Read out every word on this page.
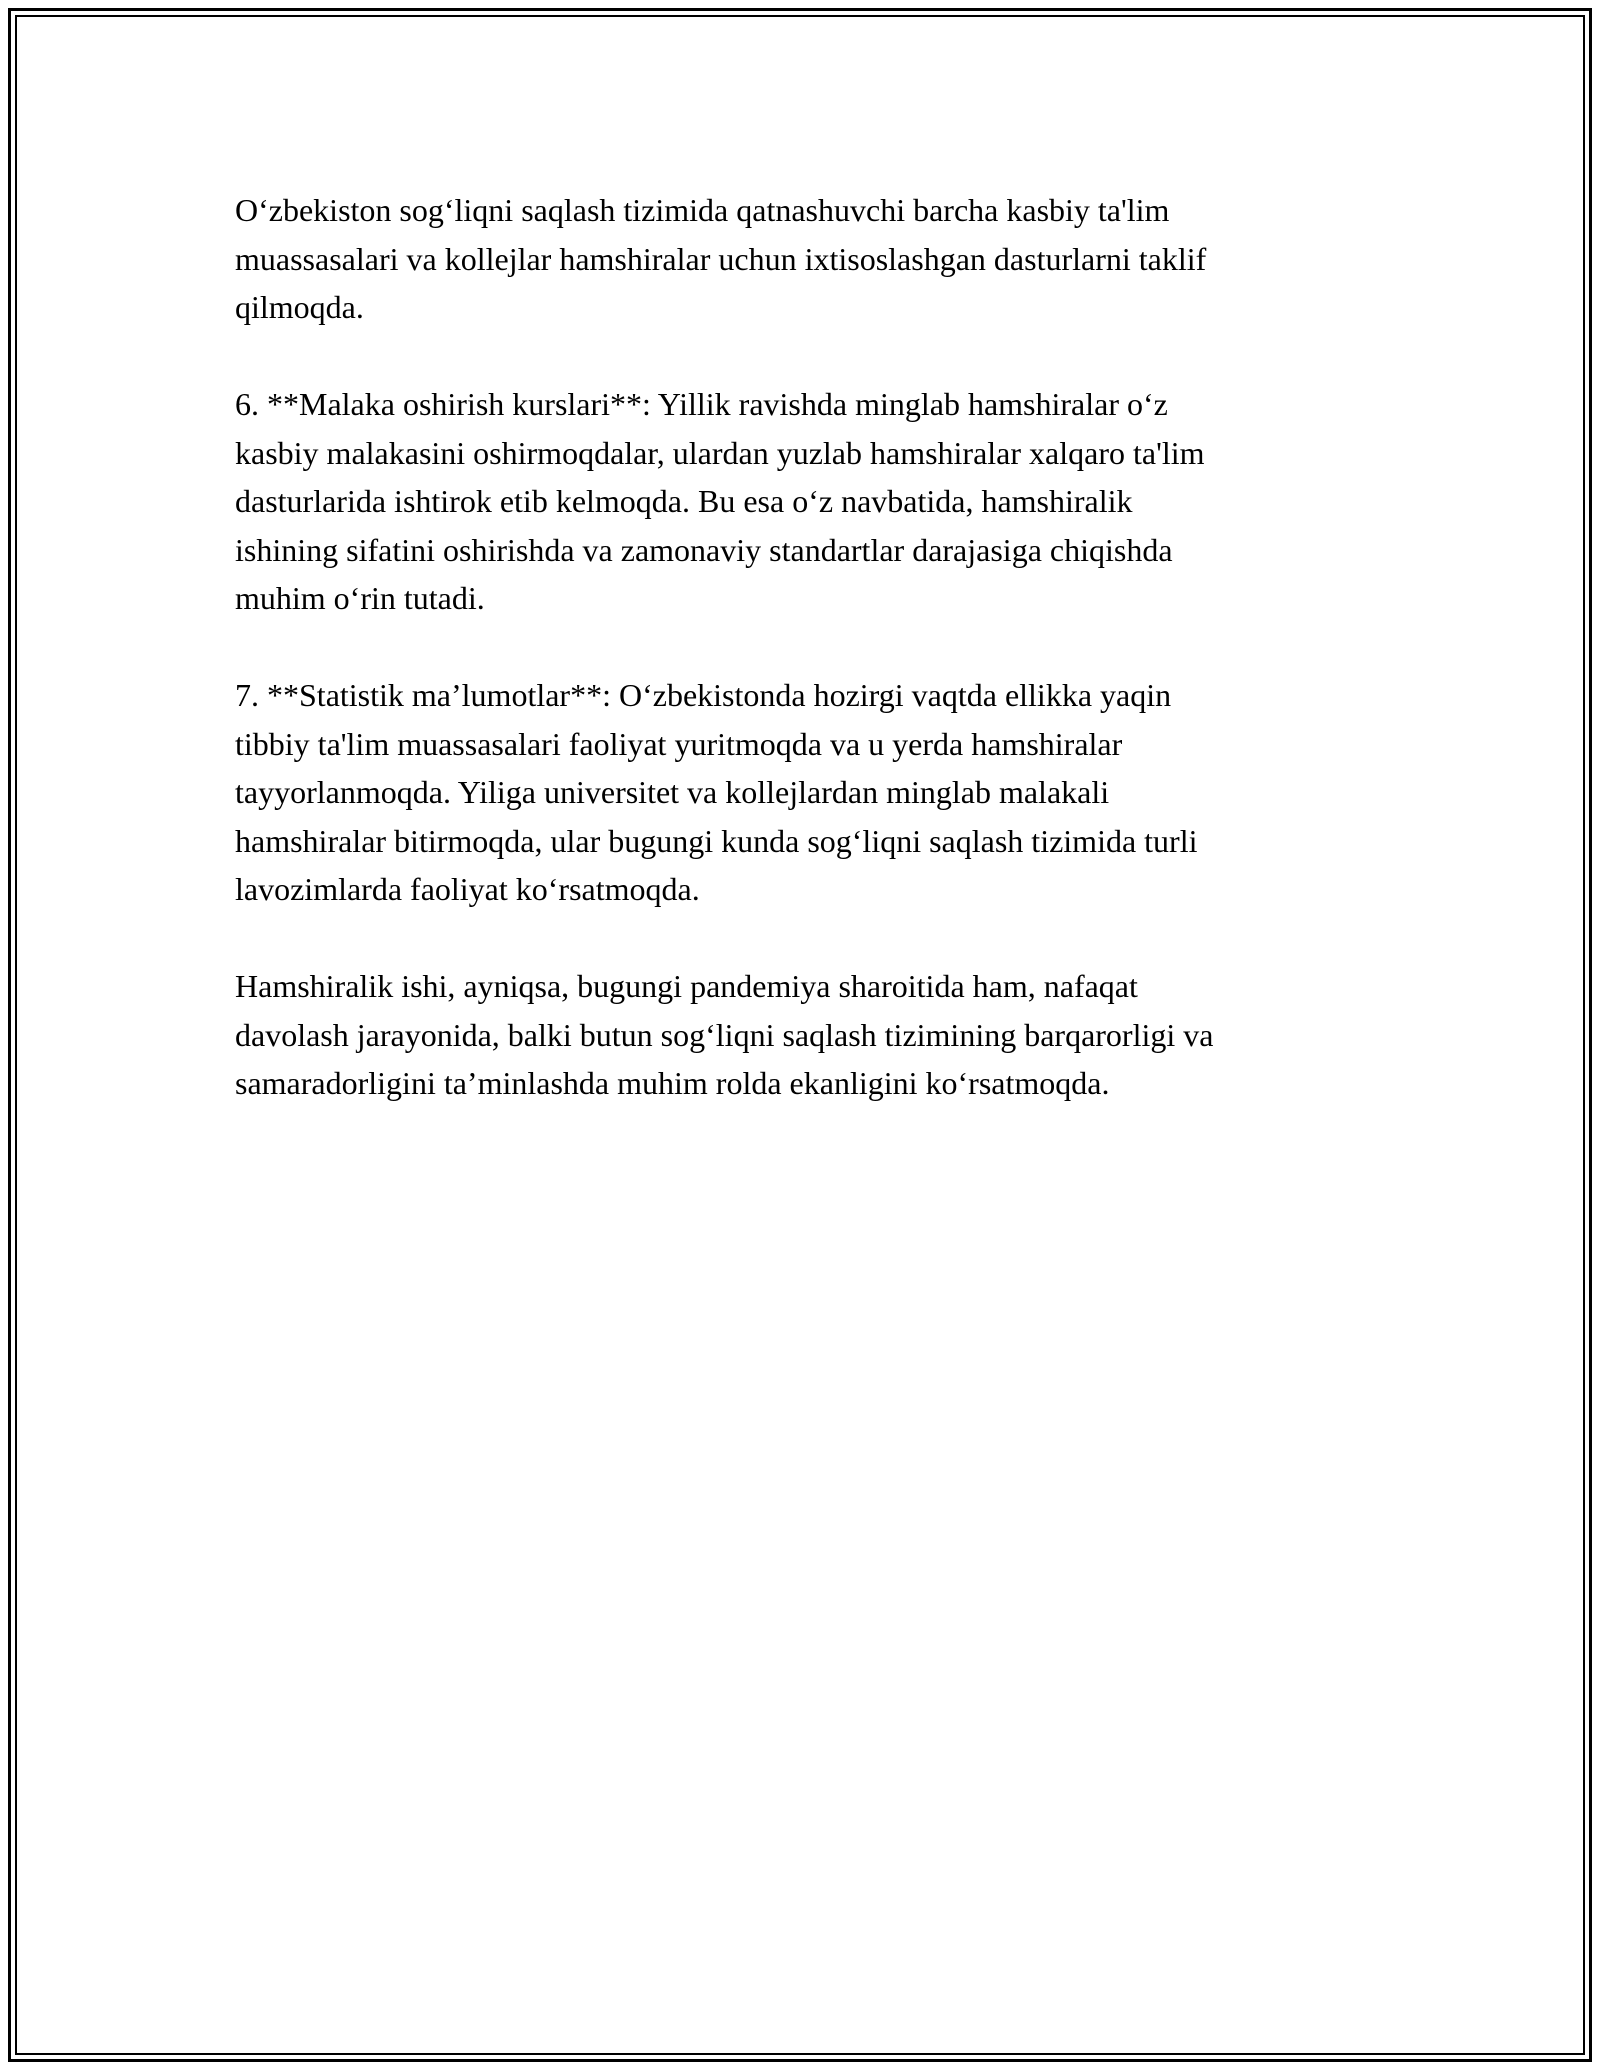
Oʻzbekiston sogʻliqni saqlash tizimida qatnashuvchi barcha kasbiy ta'lim
muassasalari va kollejlar hamshiralar uchun ixtisoslashgan dasturlarni taklif
qilmoqda.

6. **Malaka oshirish kurslari**: Yillik ravishda minglab hamshiralar oʻz
kasbiy malakasini oshirmoqdalar, ulardan yuzlab hamshiralar xalqaro ta'lim
dasturlarida ishtirok etib kelmoqda. Bu esa oʻz navbatida, hamshiralik
ishining sifatini oshirishda va zamonaviy standartlar darajasiga chiqishda
muhim oʻrin tutadi.

7. **Statistik ma’lumotlar**: Oʻzbekistonda hozirgi vaqtda ellikka yaqin
tibbiy ta'lim muassasalari faoliyat yuritmoqda va u yerda hamshiralar
tayyorlanmoqda. Yiliga universitet va kollejlardan minglab malakali
hamshiralar bitirmoqda, ular bugungi kunda sogʻliqni saqlash tizimida turli
lavozimlarda faoliyat koʻrsatmoqda.

Hamshiralik ishi, ayniqsa, bugungi pandemiya sharoitida ham, nafaqat
davolash jarayonida, balki butun sogʻliqni saqlash tizimining barqarorligi va
samaradorligini ta’minlashda muhim rolda ekanligini koʻrsatmoqda.
